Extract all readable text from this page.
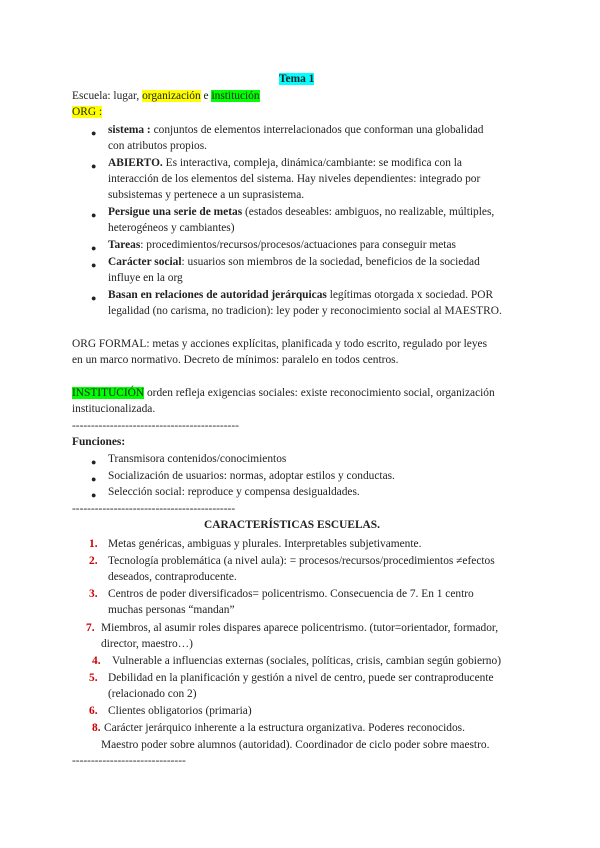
Tema 1
Escuela: lugar, organización e institución
ORG :
● sistema : conjuntos de elementos interrelacionados que conforman una globalidad
con atributos propios.
● ABIERTO. Es interactiva, compleja, dinámica/cambiante: se modifica con la
interacción de los elementos del sistema. Hay niveles dependientes: integrado por
subsistemas y pertenece a un suprasistema.
● Persigue una serie de metas (estados deseables: ambiguos, no realizable, múltiples,
heterogéneos y cambiantes)
● Tareas: procedimientos/recursos/procesos/actuaciones para conseguir metas
● Carácter social: usuarios son miembros de la sociedad, beneficios de la sociedad
influye en la org
● Basan en relaciones de autoridad jerárquicas legítimas otorgada x sociedad. POR
legalidad (no carisma, no tradicion): ley poder y reconocimiento social al MAESTRO.
ORG FORMAL: metas y acciones explícitas, planificada y todo escrito, regulado por leyes
en un marco normativo. Decreto de mínimos: paralelo en todos centros.
INSTITUCIÓN orden refleja exigencias sociales: existe reconocimiento social, organización
institucionalizada.
--------------------------------------------
Funciones:
● Transmisora contenidos/conocimientos
● Socialización de usuarios: normas, adoptar estilos y conductas.
● Selección social: reproduce y compensa desigualdades.
-------------------------------------------
CARACTERÍSTICAS ESCUELAS.
1. Metas genéricas, ambiguas y plurales. Interpretables subjetivamente.
2. Tecnología problemática (a nivel aula): = procesos/recursos/procedimientos ≠efectos
deseados, contraproducente.
3. Centros de poder diversificados= policentrismo. Consecuencia de 7. En 1 centro
muchas personas “mandan”
7. Miembros, al asumir roles dispares aparece policentrismo. (tutor=orientador, formador,
director, maestro…)
4. Vulnerable a influencias externas (sociales, políticas, crisis, cambian según gobierno)
5. Debilidad en la planificación y gestión a nivel de centro, puede ser contraproducente
(relacionado con 2)
6. Clientes obligatorios (primaria)
8. Carácter jerárquico inherente a la estructura organizativa. Poderes reconocidos.
Maestro poder sobre alumnos (autoridad). Coordinador de ciclo poder sobre maestro.
------------------------------
